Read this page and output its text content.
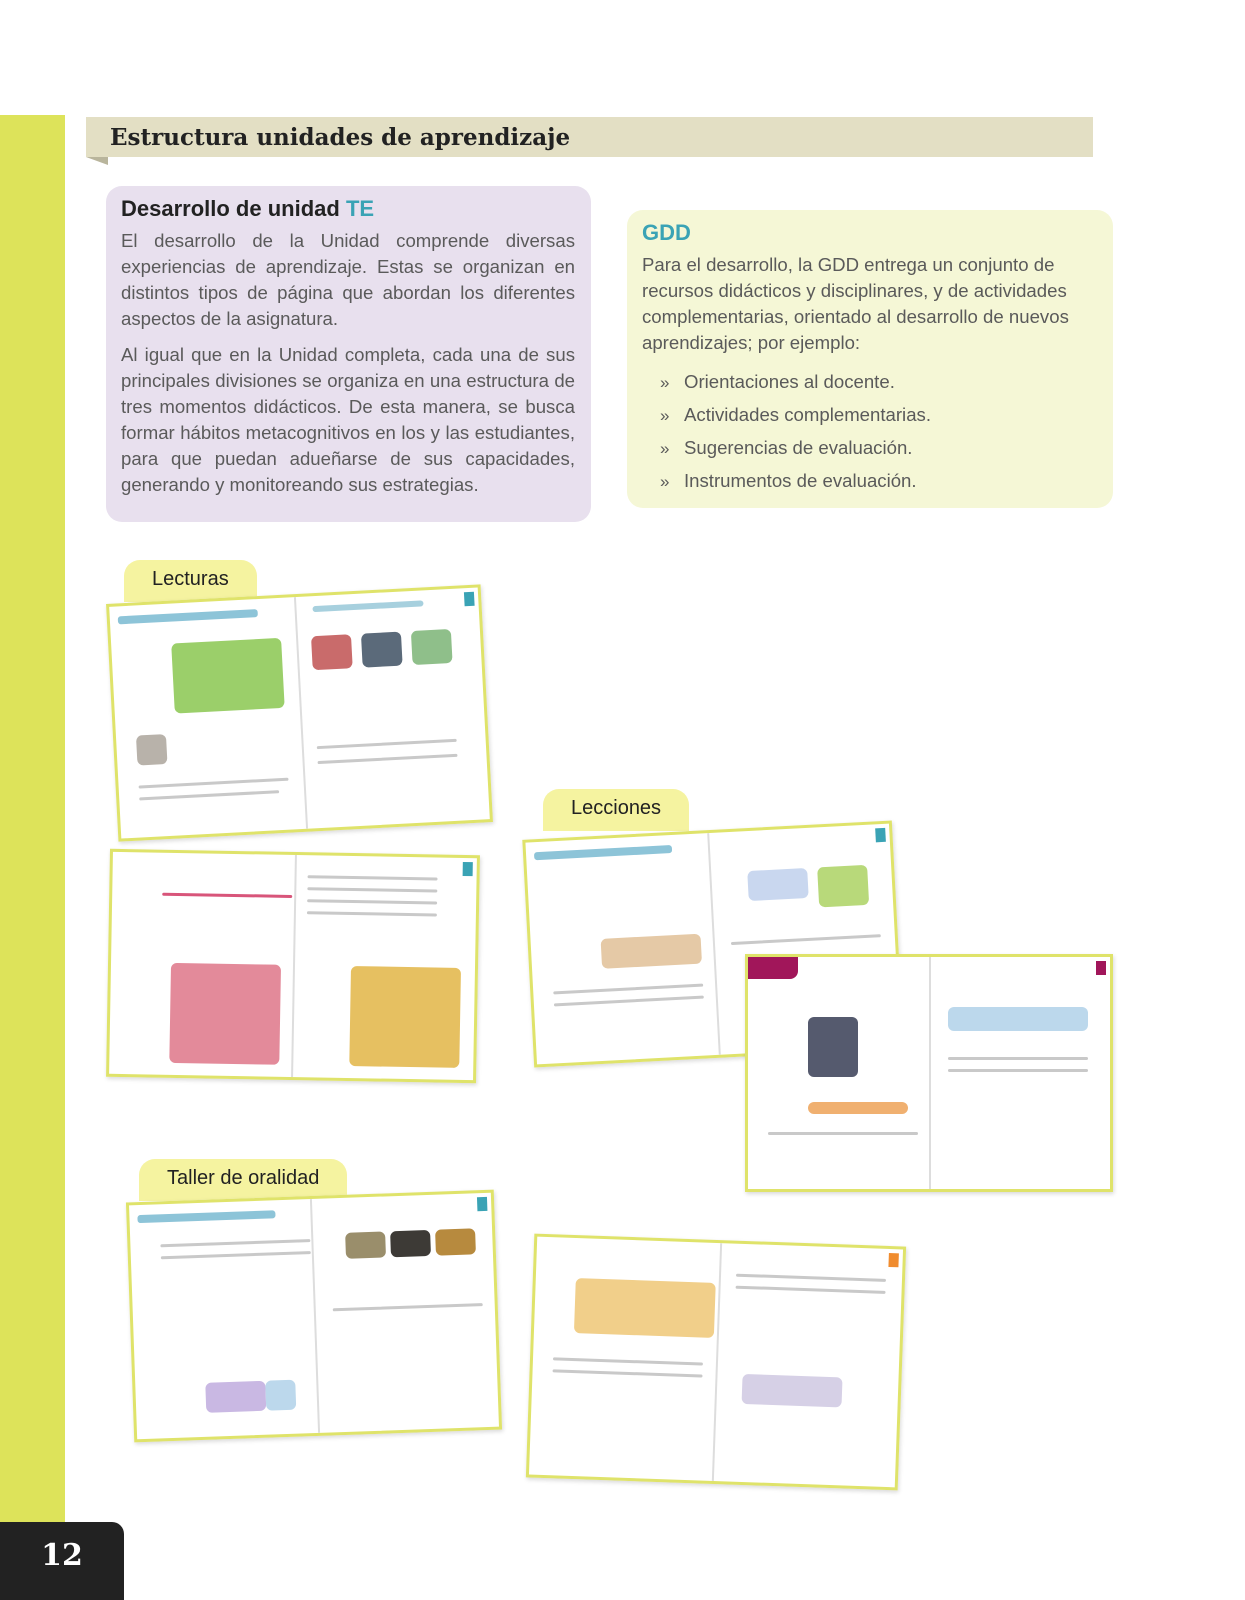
Estructura unidades de aprendizaje
Desarrollo de unidad TE

El desarrollo de la Unidad comprende diversas experiencias de aprendizaje. Estas se organizan en distintos tipos de página que abordan los diferentes aspectos de la asignatura.

Al igual que en la Unidad completa, cada una de sus principales divisiones se organiza en una estructura de tres momentos didácticos. De esta manera, se busca formar hábitos metacognitivos en los y las estudiantes, para que puedan adueñarse de sus capacidades, generando y monitoreando sus estrategias.

GDD

Para el desarrollo, la GDD entrega un conjunto de recursos didácticos y disciplinares, y de actividades complementarias, orientado al desarrollo de nuevos aprendizajes; por ejemplo:

» Orientaciones al docente.
» Actividades complementarias.
» Sugerencias de evaluación.
» Instrumentos de evaluación.
Lecturas
Lecciones
Taller de oralidad
12
